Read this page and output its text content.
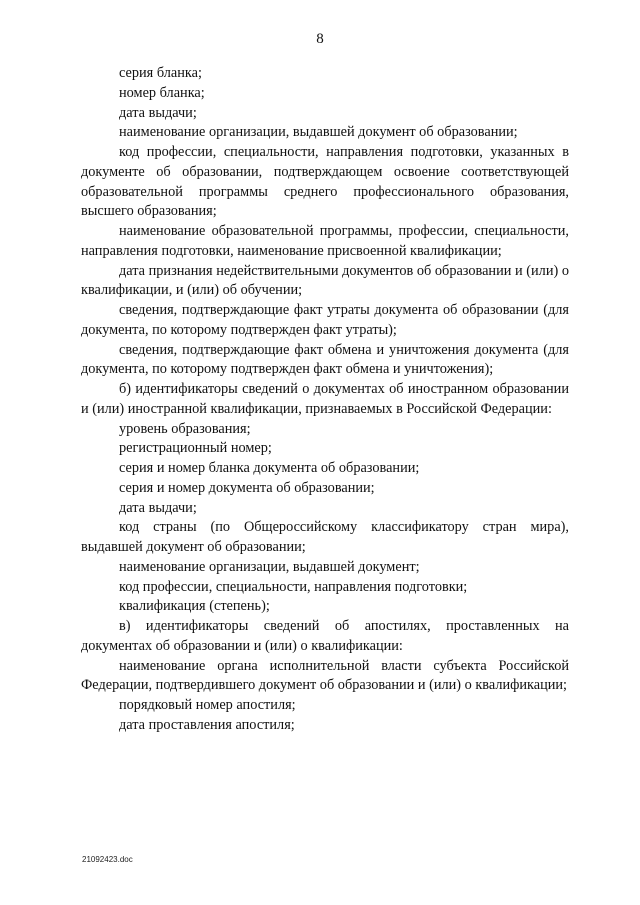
8

серия бланка;

номер бланка;

дата выдачи;

наименование организации, выдавшей документ об образовании;

код профессии, специальности, направления подготовки, указанных в документе об образовании, подтверждающем освоение соответствующей образовательной программы среднего профессионального образования, высшего образования;

наименование образовательной программы, профессии, специальности, направления подготовки, наименование присвоенной квалификации;

дата признания недействительными документов об образовании и (или) о квалификации, и (или) об обучении;

сведения, подтверждающие факт утраты документа об образовании (для документа, по которому подтвержден факт утраты);

сведения, подтверждающие факт обмена и уничтожения документа (для документа, по которому подтвержден факт обмена и уничтожения);

б) идентификаторы сведений о документах об иностранном образовании и (или) иностранной квалификации, признаваемых в Российской Федерации:

уровень образования;

регистрационный номер;

серия и номер бланка документа об образовании;

серия и номер документа об образовании;

дата выдачи;

код страны (по Общероссийскому классификатору стран мира), выдавшей документ об образовании;

наименование организации, выдавшей документ;

код профессии, специальности, направления подготовки;

квалификация (степень);

в) идентификаторы сведений об апостилях, проставленных на документах об образовании и (или) о квалификации:

наименование органа исполнительной власти субъекта Российской Федерации, подтвердившего документ об образовании и (или) о квалификации;

порядковый номер апостиля;

дата проставления апостиля;

21092423.doc
